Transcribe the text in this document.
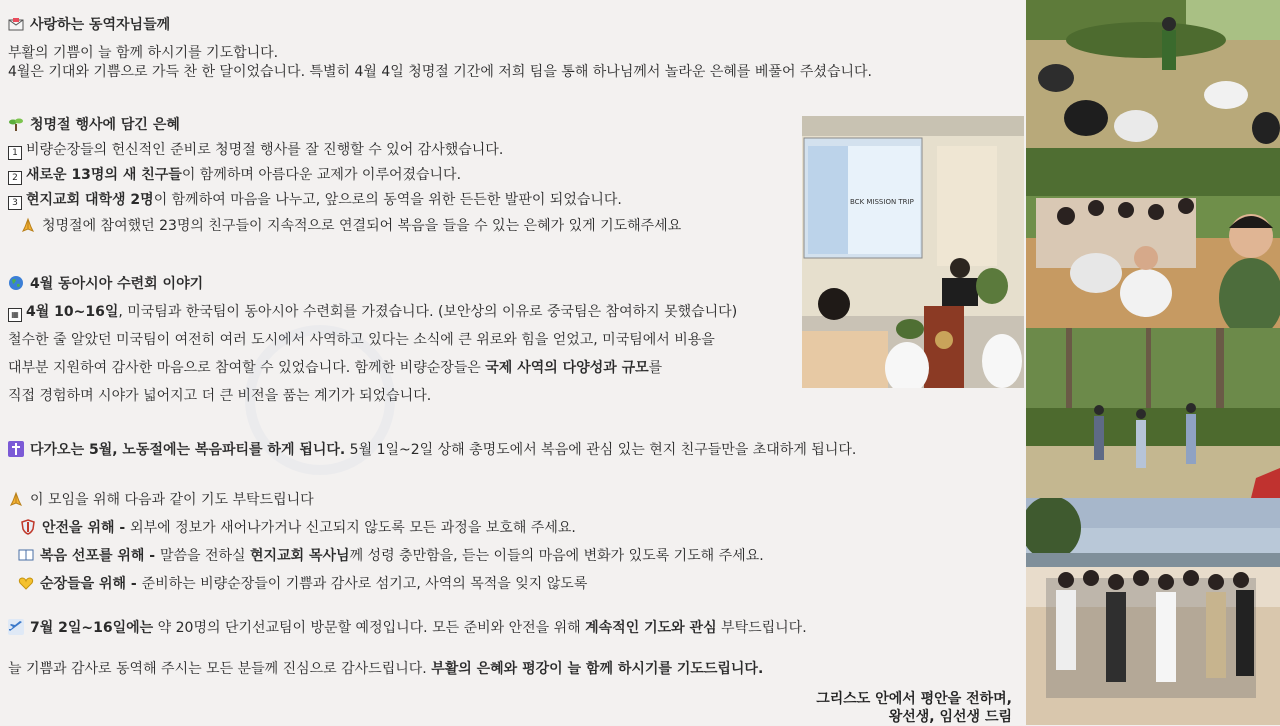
사랑하는 동역자님들께
부활의 기쁨이 늘 함께 하시기를 기도합니다.
4월은 기대와 기쁨으로 가득 찬 한 달이었습니다. 특별히 4월 4일 청명절 기간에 저희 팀을 통해 하나님께서 놀라운 은혜를 베풀어 주셨습니다.
청명절 행사에 담긴 은혜
1 비량순장들의 헌신적인 준비로 청명절 행사를 잘 진행할 수 있어 감사했습니다.
2 새로운 13명의 새 친구들이 함께하며 아름다운 교제가 이루어졌습니다.
3 현지교회 대학생 2명이 함께하여 마음을 나누고, 앞으로의 동역을 위한 든든한 발판이 되었습니다.
청명절에 참여했던 23명의 친구들이 지속적으로 연결되어 복음을 들을 수 있는 은혜가 있게 기도해주세요
4월 동아시아 수련회 이야기
▦ 4월 10~16일, 미국팀과 한국팀이 동아시아 수련회를 가졌습니다. (보안상의 이유로 중국팀은 참여하지 못했습니다)
철수한 줄 알았던 미국팀이 여전히 여러 도시에서 사역하고 있다는 소식에 큰 위로와 힘을 얻었고, 미국팀에서 비용을
대부분 지원하여 감사한 마음으로 참여할 수 있었습니다. 함께한 비량순장들은 국제 사역의 다양성과 규모를
직접 경험하며 시야가 넓어지고 더 큰 비전을 품는 계기가 되었습니다.
다가오는 5월, 노동절에는 복음파티를 하게 됩니다. 5월 1일~2일 상해 총명도에서 복음에 관심 있는 현지 친구들만을 초대하게 됩니다.
이 모임을 위해 다음과 같이 기도 부탁드립니다
안전을 위해 - 외부에 정보가 새어나가거나 신고되지 않도록 모든 과정을 보호해 주세요.
복음 선포를 위해 - 말씀을 전하실 현지교회 목사님께 성령 충만함을, 듣는 이들의 마음에 변화가 있도록 기도해 주세요.
순장들을 위해 - 준비하는 비량순장들이 기쁨과 감사로 섬기고, 사역의 목적을 잊지 않도록
7월 2일~16일에는 약 20명의 단기선교팀이 방문할 예정입니다. 모든 준비와 안전을 위해 계속적인 기도와 관심 부탁드립니다.
늘 기쁨과 감사로 동역해 주시는 모든 분들께 진심으로 감사드립니다. 부활의 은혜와 평강이 늘 함께 하시기를 기도드립니다.
그리스도 안에서 평안을 전하며,
왕선생, 임선생 드림
BCK MISSION TRIP
